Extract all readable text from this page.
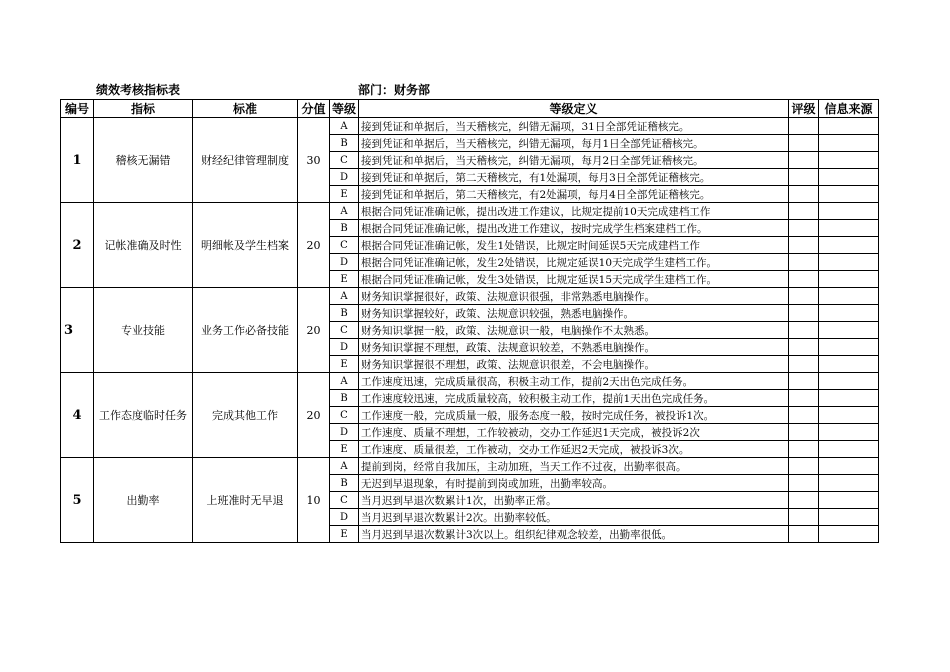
绩效考核指标表	部门：财务部
编号	指标	标准	分值	等级	等级定义	评级	信息来源
1	稽核无漏错	财经纪律管理制度	30	A	接到凭证和单据后，当天稽核完，纠错无漏项，31日全部凭证稽核完。		
				B	接到凭证和单据后，当天稽核完，纠错无漏项，每月1日全部凭证稽核完。		
				C	接到凭证和单据后，当天稽核完，纠错无漏项，每月2日全部凭证稽核完。		
				D	接到凭证和单据后，第二天稽核完，有1处漏项，每月3日全部凭证稽核完。		
				E	接到凭证和单据后，第二天稽核完，有2处漏项，每月4日全部凭证稽核完。		
2	记帐准确及时性	明细帐及学生档案	20	A	根据合同凭证准确记帐，提出改进工作建议，比规定提前10天完成建档工作		
				B	根据合同凭证准确记帐，提出改进工作建议，按时完成学生档案建档工作。		
				C	根据合同凭证准确记帐，发生1处错误，比规定时间延误5天完成建档工作		
				D	根据合同凭证准确记帐，发生2处错误，比规定延误10天完成学生建档工作。		
				E	根据合同凭证准确记帐，发生3处错误，比规定延误15天完成学生建档工作。		
3	专业技能	业务工作必备技能	20	A	财务知识掌握很好，政策、法规意识很强，非常熟悉电脑操作。		
				B	财务知识掌握较好，政策、法规意识较强，熟悉电脑操作。		
				C	财务知识掌握一般，政策、法规意识一般，电脑操作不太熟悉。		
				D	财务知识掌握不理想，政策、法规意识较差，不熟悉电脑操作。		
				E	财务知识掌握很不理想，政策、法规意识很差，不会电脑操作。		
4	工作态度临时任务	完成其他工作	20	A	工作速度迅速，完成质量很高，积极主动工作，提前2天出色完成任务。		
				B	工作速度较迅速，完成质量较高，较积极主动工作，提前1天出色完成任务。		
				C	工作速度一般，完成质量一般，服务态度一般，按时完成任务，被投诉1次。		
				D	工作速度、质量不理想，工作较被动，交办工作延迟1天完成，被投诉2次		
				E	工作速度、质量很差，工作被动，交办工作延迟2天完成，被投诉3次。		
5	出勤率	上班准时无早退	10	A	提前到岗，经常自我加压，主动加班，当天工作不过夜，出勤率很高。		
				B	无迟到早退现象，有时提前到岗或加班，出勤率较高。		
				C	当月迟到早退次数累计1次，出勤率正常。		
				D	当月迟到早退次数累计2次。出勤率较低。		
				E	当月迟到早退次数累计3次以上。组织纪律观念较差，出勤率很低。		
